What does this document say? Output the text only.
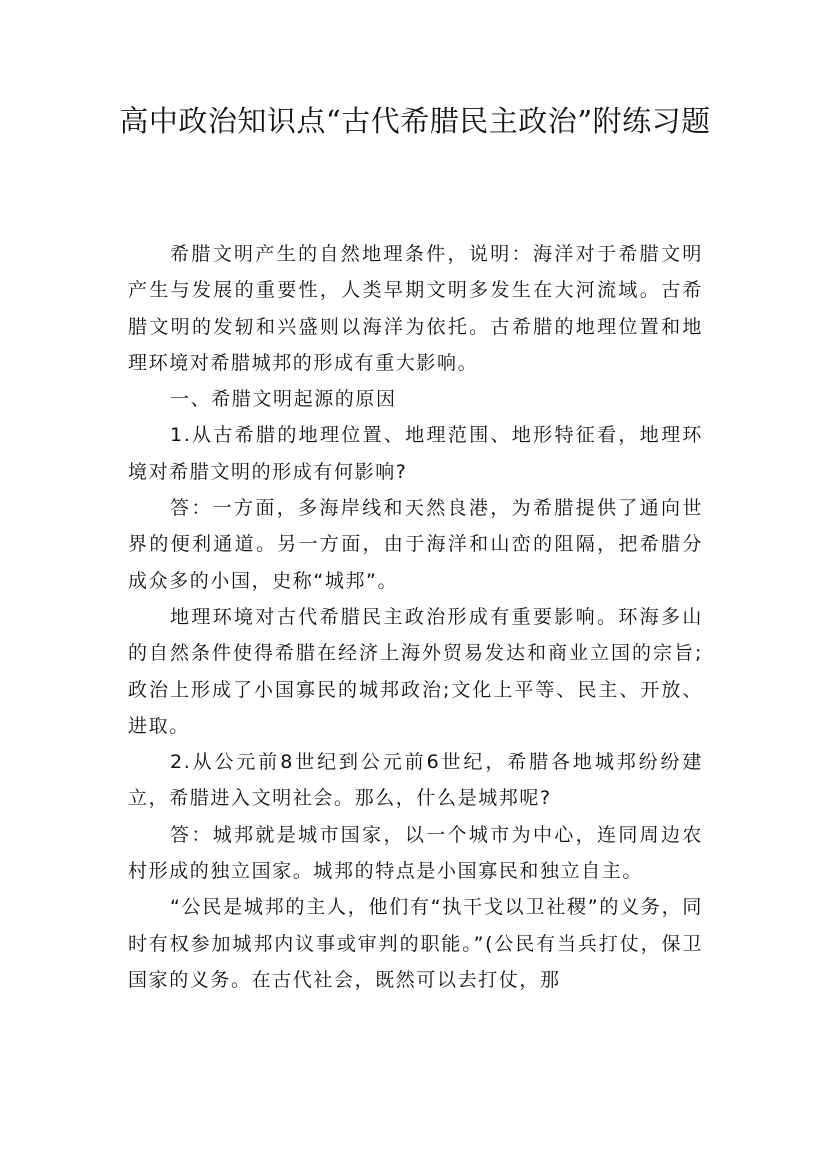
高中政治知识点“古代希腊民主政治”附练习题

希腊文明产生的自然地理条件，说明：海洋对于希腊文明产生与发展的重要性，人类早期文明多发生在大河流域。古希腊文明的发轫和兴盛则以海洋为依托。古希腊的地理位置和地理环境对希腊城邦的形成有重大影响。

一、希腊文明起源的原因

1.从古希腊的地理位置、地理范围、地形特征看，地理环境对希腊文明的形成有何影响?

答：一方面，多海岸线和天然良港，为希腊提供了通向世界的便利通道。另一方面，由于海洋和山峦的阻隔，把希腊分成众多的小国，史称“城邦”。

地理环境对古代希腊民主政治形成有重要影响。环海多山的自然条件使得希腊在经济上海外贸易发达和商业立国的宗旨;政治上形成了小国寡民的城邦政治;文化上平等、民主、开放、进取。

2.从公元前8世纪到公元前6世纪，希腊各地城邦纷纷建立，希腊进入文明社会。那么，什么是城邦呢?

答：城邦就是城市国家，以一个城市为中心，连同周边农村形成的独立国家。城邦的特点是小国寡民和独立自主。

“公民是城邦的主人，他们有“执干戈以卫社稷”的义务，同时有权参加城邦内议事或审判的职能。”(公民有当兵打仗，保卫国家的义务。在古代社会，既然可以去打仗，那
